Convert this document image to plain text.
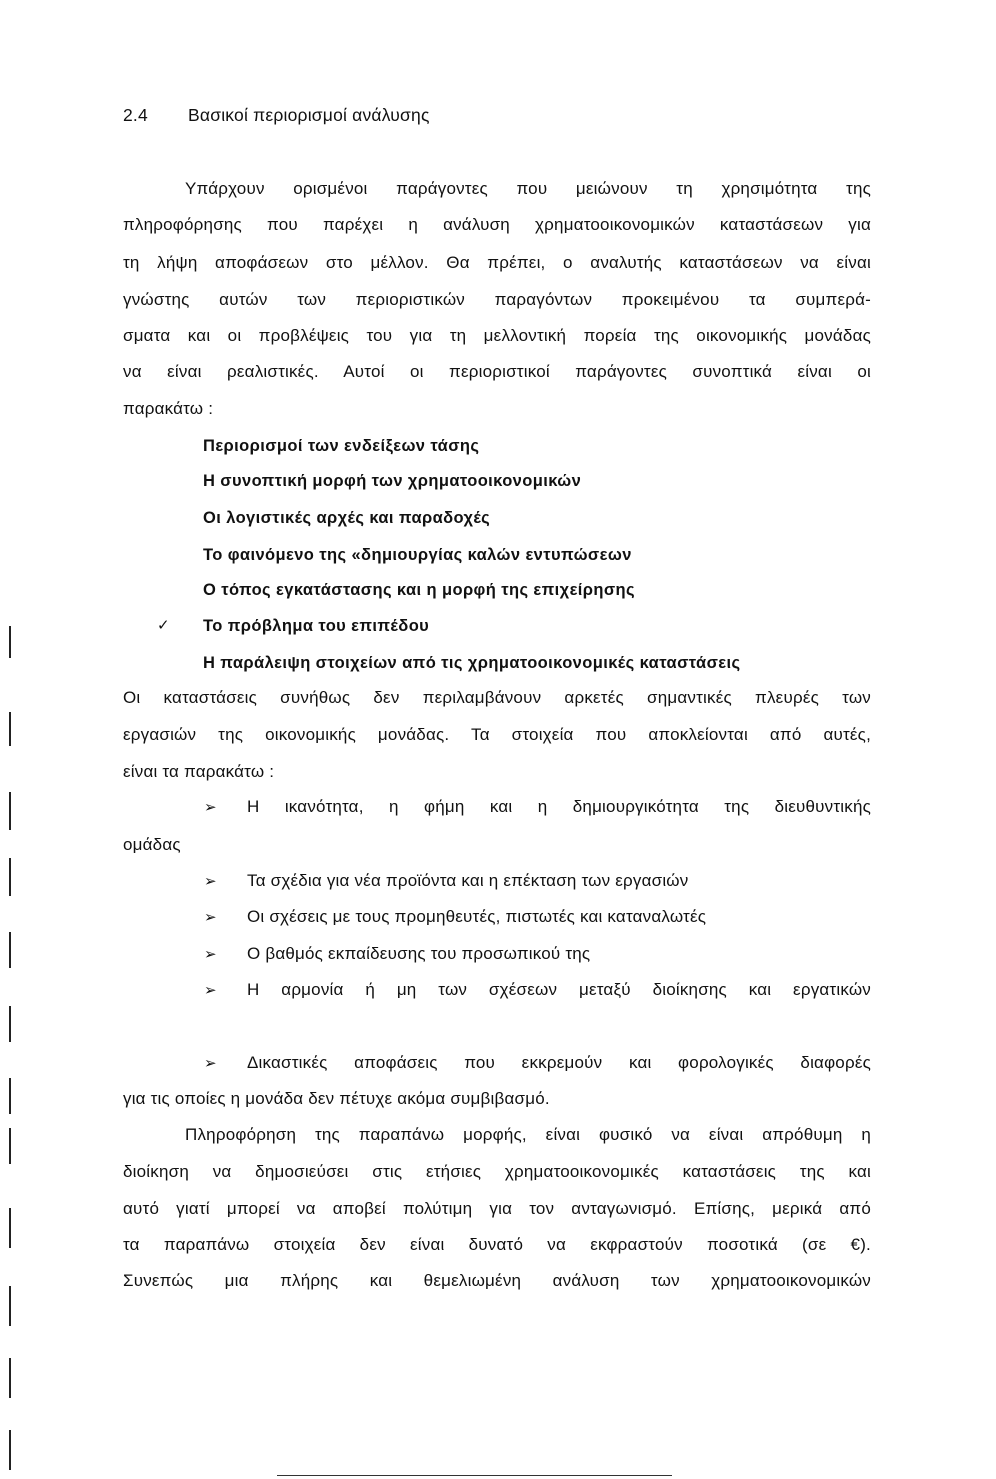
2.4 Βασικοί περιορισμοί ανάλυσης
Υπάρχουν ορισμένοι παράγοντες που μειώνουν τη χρησιμότητα της
πληροφόρησης που παρέχει η ανάλυση χρηματοοικονομικών καταστάσεων για
τη λήψη αποφάσεων στο μέλλον. Θα πρέπει, ο αναλυτής καταστάσεων να είναι
γνώστης αυτών των περιοριστικών παραγόντων προκειμένου τα συμπερά-
σματα και οι προβλέψεις του για τη μελλοντική πορεία της οικονομικής μονάδας
να είναι ρεαλιστικές. Αυτοί οι περιοριστικοί παράγοντες συνοπτικά είναι οι
παρακάτω :
Περιορισμοί των ενδείξεων τάσης
Η συνοπτική μορφή των χρηματοοικονομικών
Οι λογιστικές αρχές και παραδοχές
Το φαινόμενο της «δημιουργίας καλών εντυπώσεων
Ο τόπος εγκατάστασης και η μορφή της επιχείρησης
✓ Το πρόβλημα του επιπέδου
Η παράλειψη στοιχείων από τις χρηματοοικονομικές καταστάσεις
Οι καταστάσεις συνήθως δεν περιλαμβάνουν αρκετές σημαντικές πλευρές των
εργασιών της οικονομικής μονάδας. Τα στοιχεία που αποκλείονται από αυτές,
είναι τα παρακάτω :
➢ Η ικανότητα, η φήμη και η δημιουργικότητα της διευθυντικής
ομάδας
➢ Τα σχέδια για νέα προϊόντα και η επέκταση των εργασιών
➢ Οι σχέσεις με τους προμηθευτές, πιστωτές και καταναλωτές
➢ Ο βαθμός εκπαίδευσης του προσωπικού της
➢ Η αρμονία ή μη των σχέσεων μεταξύ διοίκησης και εργατικών
➢ Δικαστικές αποφάσεις που εκκρεμούν και φορολογικές διαφορές
για τις οποίες η μονάδα δεν πέτυχε ακόμα συμβιβασμό.
Πληροφόρηση της παραπάνω μορφής, είναι φυσικό να είναι απρόθυμη η
διοίκηση να δημοσιεύσει στις ετήσιες χρηματοοικονομικές καταστάσεις της και
αυτό γιατί μπορεί να αποβεί πολύτιμη για τον ανταγωνισμό. Επίσης, μερικά από
τα παραπάνω στοιχεία δεν είναι δυνατό να εκφραστούν ποσοτικά (σε €).
Συνεπώς μια πλήρης και θεμελιωμένη ανάλυση των χρηματοοικονομικών
